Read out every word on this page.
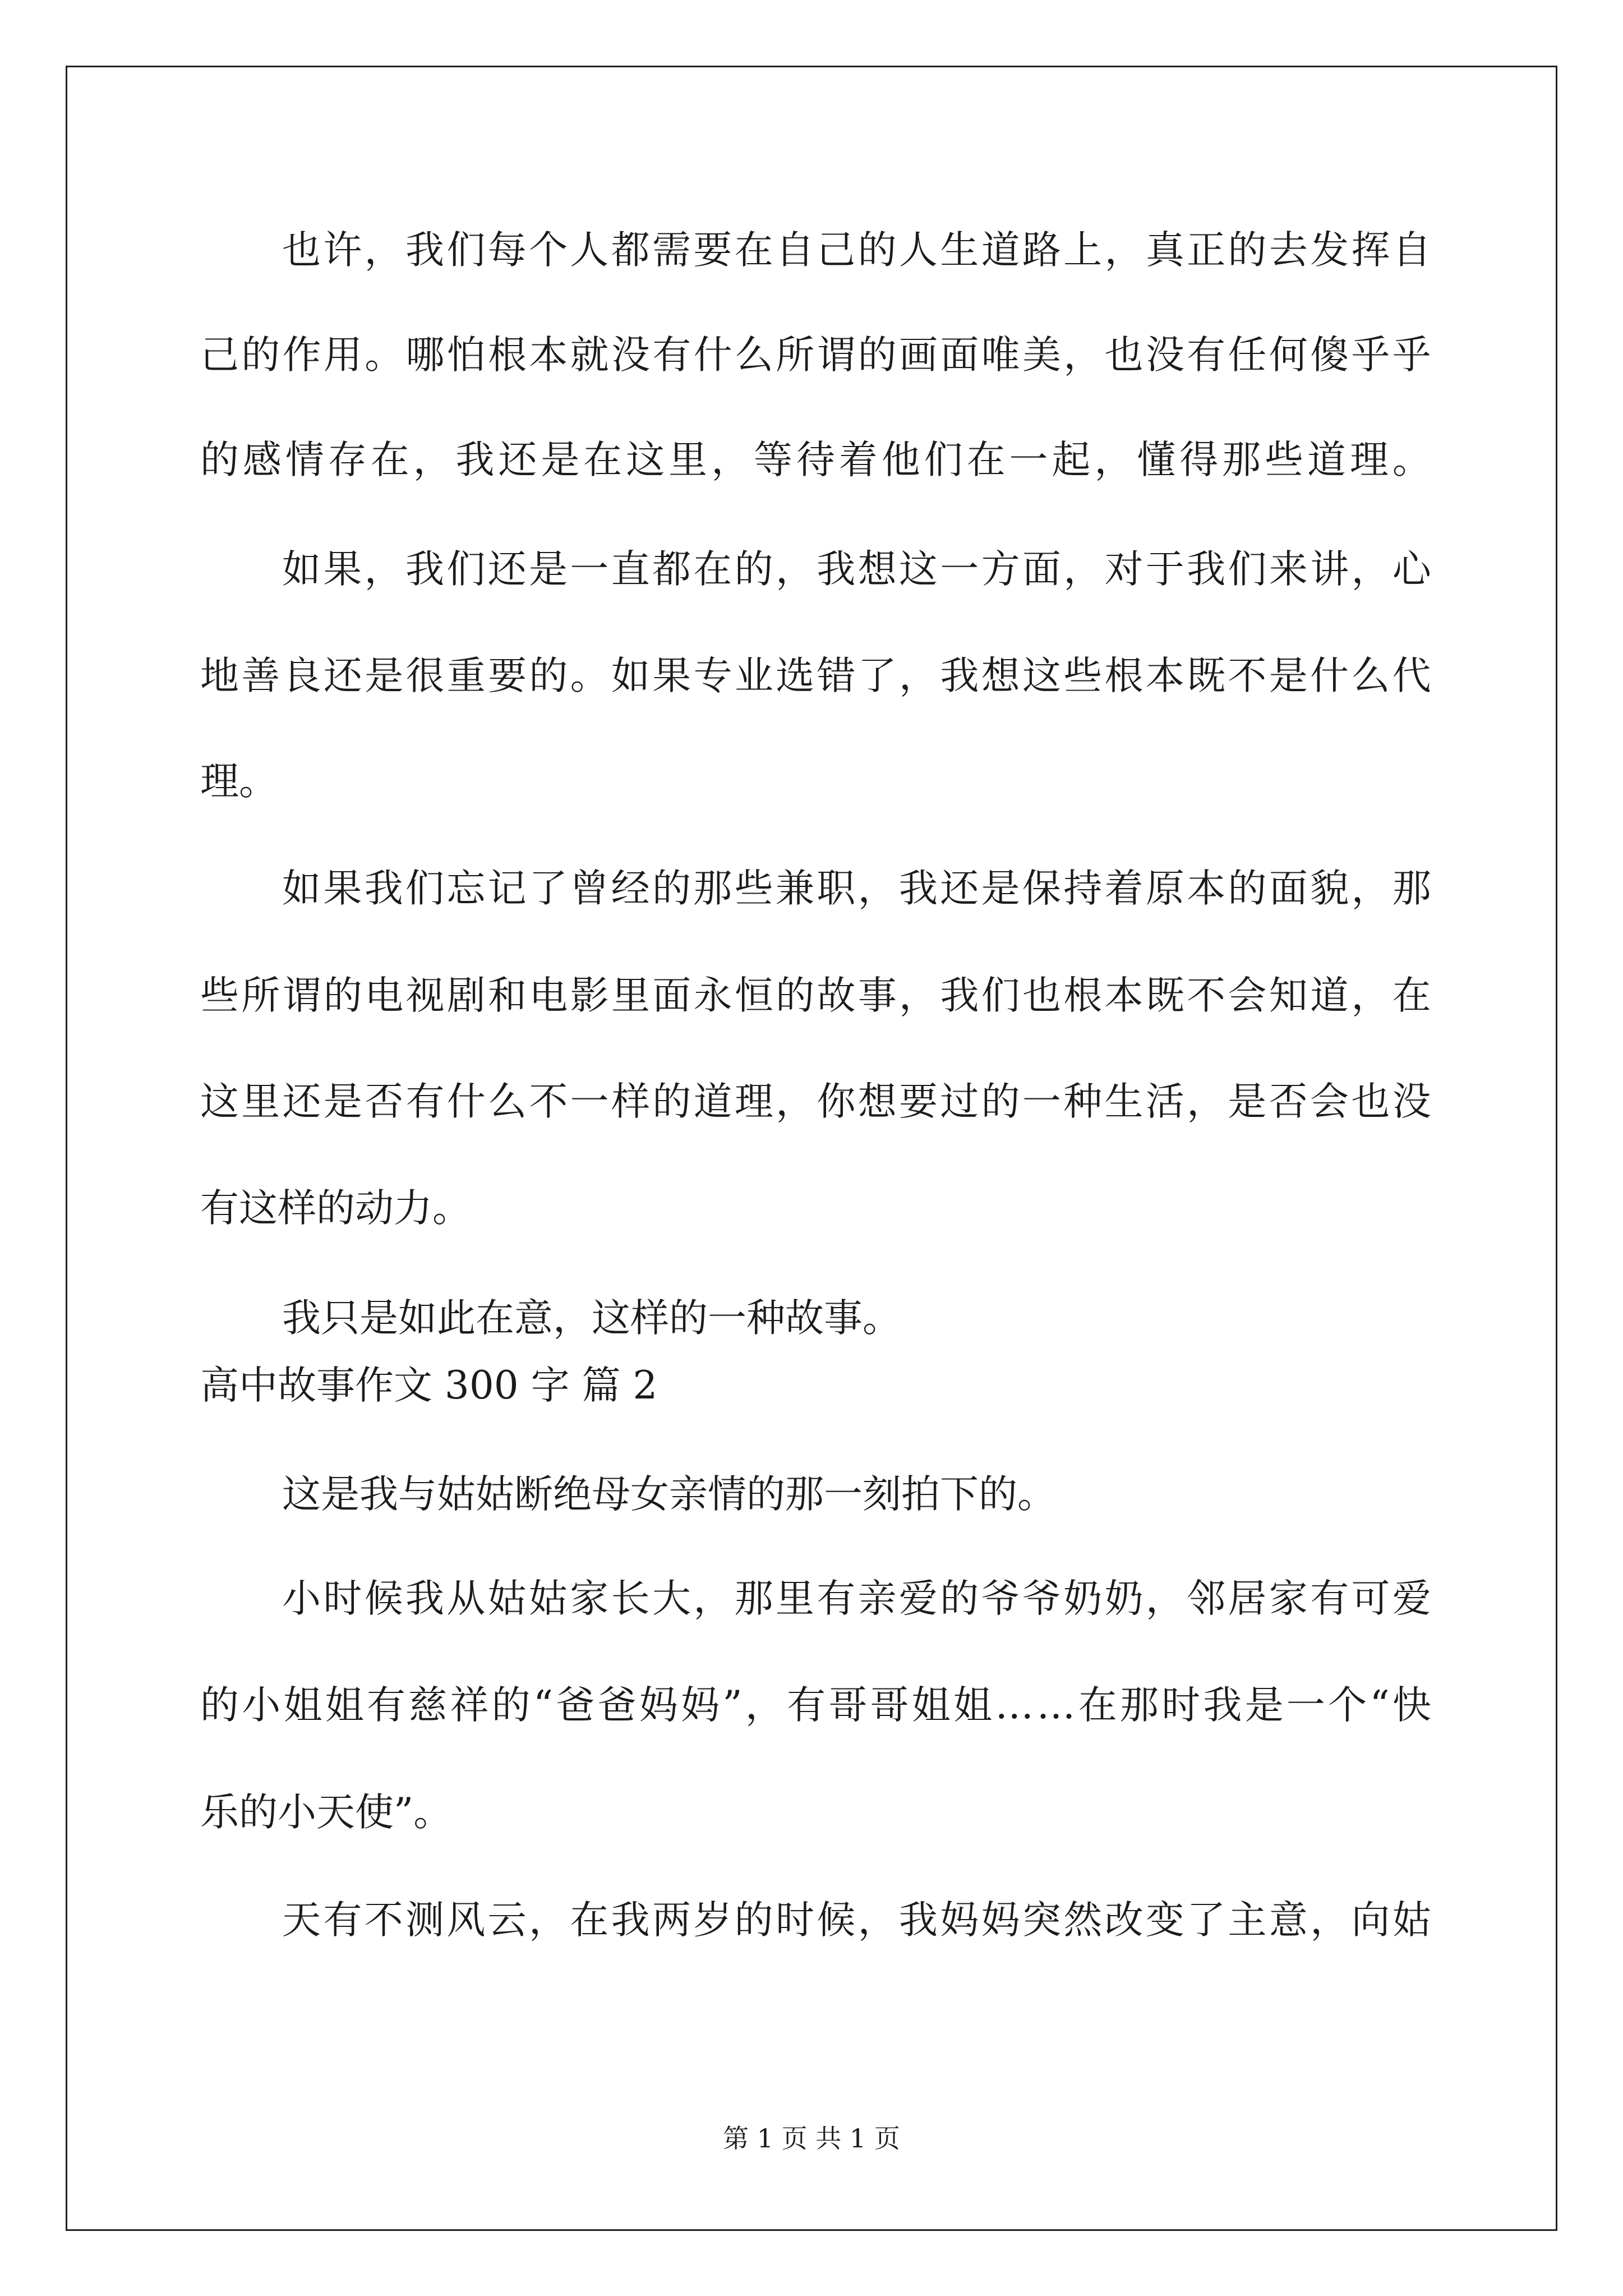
也 许 ， 我 们 每 个 人 都 需 要 在 自 己 的 人 生 道 路 上 ， 真 正 的 去 发 挥 自

己 的 作 用 。 哪 怕 根 本 就 没 有 什 么 所 谓 的 画 面 唯 美 ， 也 没 有 任 何 傻 乎 乎

的 感 情 存 在 ， 我 还 是 在 这 里 ， 等 待 着 他 们 在 一 起 ， 懂 得 那 些 道 理 。

如 果 ， 我 们 还 是 一 直 都 在 的 ， 我 想 这 一 方 面 ， 对 于 我 们 来 讲 ， 心

地 善 良 还 是 很 重 要 的 。 如 果 专 业 选 错 了 ， 我 想 这 些 根 本 既 不 是 什 么 代

理。

如 果 我 们 忘 记 了 曾 经 的 那 些 兼 职 ， 我 还 是 保 持 着 原 本 的 面 貌 ， 那

些 所 谓 的 电 视 剧 和 电 影 里 面 永 恒 的 故 事 ， 我 们 也 根 本 既 不 会 知 道 ， 在

这 里 还 是 否 有 什 么 不 一 样 的 道 理 ， 你 想 要 过 的 一 种 生 活 ， 是 否 会 也 没

有这样的动力。

我只是如此在意，这样的一种故事。

高中故事作文 300 字 篇 2

这是我与姑姑断绝母女亲情的那一刻拍下的。

小 时 候 我 从 姑 姑 家 长 大 ， 那 里 有 亲 爱 的 爷 爷 奶 奶 ， 邻 居 家 有 可 爱

的 小 姐 姐 有 慈 祥 的 “ 爸 爸 妈 妈 ” ， 有 哥 哥 姐 姐 … … 在 那 时 我 是 一 个 “ 快

乐的小天使”。

天 有 不 测 风 云 ， 在 我 两 岁 的 时 候 ， 我 妈 妈 突 然 改 变 了 主 意 ， 向 姑

第 1 页 共 1 页
